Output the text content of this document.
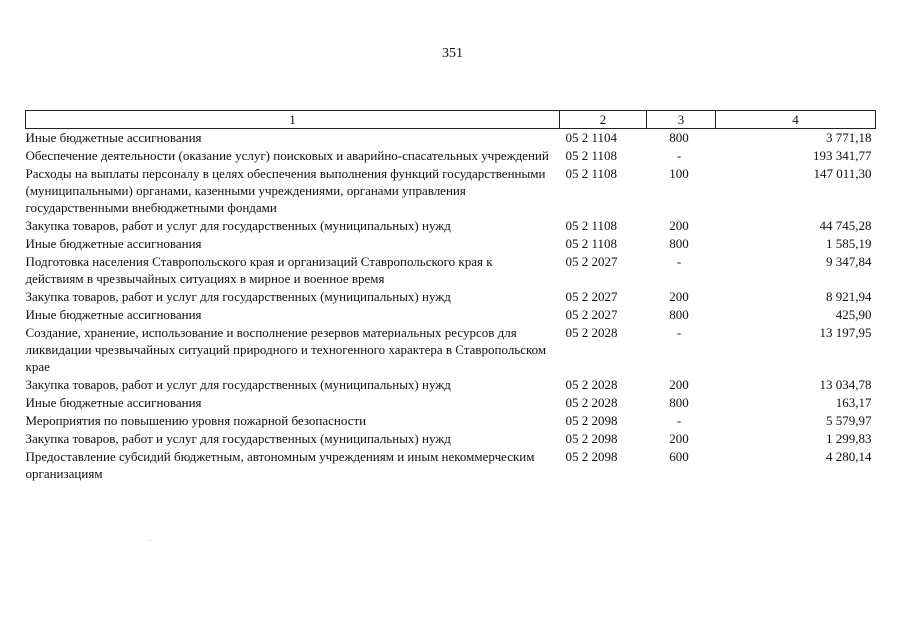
351
1	2	3	4
Иные бюджетные ассигнования	05 2 1104	800	3 771,18
Обеспечение деятельности (оказание услуг) поисковых и аварийно-спасательных учреждений	05 2 1108	-	193 341,77
Расходы на выплаты персоналу в целях обеспечения выполнения функций государственными (муниципальными) органами, казенными учреждениями, органами управления государственными внебюджетными фондами	05 2 1108	100	147 011,30
Закупка товаров, работ и услуг для государственных (муниципальных) нужд	05 2 1108	200	44 745,28
Иные бюджетные ассигнования	05 2 1108	800	1 585,19
Подготовка населения Ставропольского края и организаций Ставропольского края к действиям в чрезвычайных ситуациях в мирное и военное время	05 2 2027	-	9 347,84
Закупка товаров, работ и услуг для государственных (муниципальных) нужд	05 2 2027	200	8 921,94
Иные бюджетные ассигнования	05 2 2027	800	425,90
Создание, хранение, использование и восполнение резервов материальных ресурсов для ликвидации чрезвычайных ситуаций природного и техногенного характера в Ставропольском крае	05 2 2028	-	13 197,95
Закупка товаров, работ и услуг для государственных (муниципальных) нужд	05 2 2028	200	13 034,78
Иные бюджетные ассигнования	05 2 2028	800	163,17
Мероприятия по повышению уровня пожарной безопасности	05 2 2098	-	5 579,97
Закупка товаров, работ и услуг для государственных (муниципальных) нужд	05 2 2098	200	1 299,83
Предоставление субсидий бюджетным, автономным учреждениям и иным некоммерческим организациям	05 2 2098	600	4 280,14
